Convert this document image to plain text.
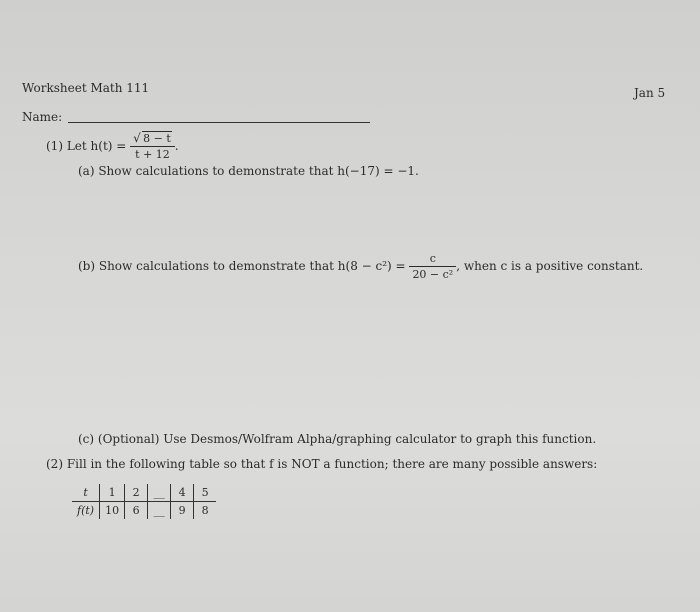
Worksheet Math 111	Jan 5
Name:
(1) Let h(t) = √ $\frac{8 - t}{t + 12}$ .
(a) Show calculations to demonstrate that h(−17) = −1.
(b) Show calculations to demonstrate that $h(8 - c^2) = \frac{c}{\text{20 − c²}}$ , when c is a positive constant.
(c) (Optional) Use Desmos/Wolfram Alpha/graphing calculator to graph this function.
(2) Fill in the following table so that f is NOT a function; there are many possible answers:
t	1	2	__	4	5
f(t)	10	6	__	9	8
